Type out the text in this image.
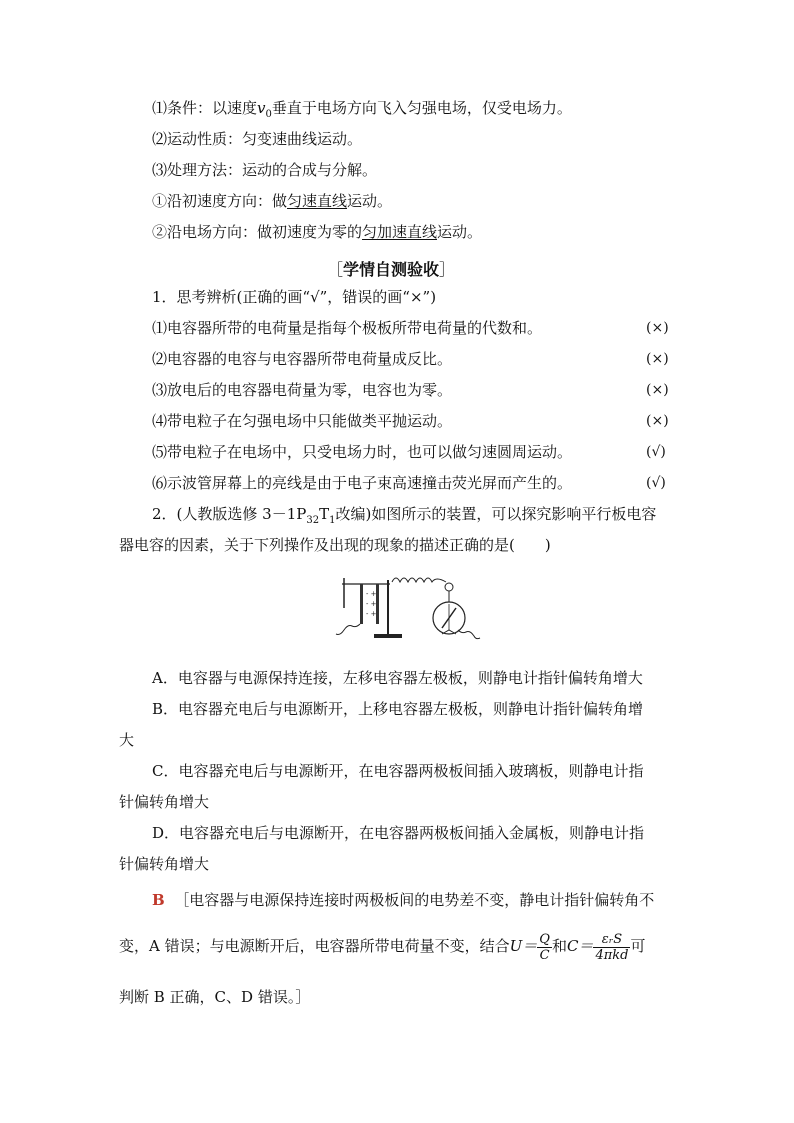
⑴条件：以速度$v_0$垂直于电场方向飞入匀强电场，仅受电场力。
⑵运动性质：匀变速曲线运动。
⑶处理方法：运动的合成与分解。
①沿初速度方向：做匀速直线运动。
②沿电场方向：做初速度为零的匀加速直线运动。
［学情自测验收］
1．思考辨析(正确的画“√”，错误的画“×”)
⑴电容器所带的电荷量是指每个极板所带电荷量的代数和。	(×)
⑵电容器的电容与电容器所带电荷量成反比。	(×)
⑶放电后的电容器电荷量为零，电容也为零。	(×)
⑷带电粒子在匀强电场中只能做类平抛运动。	(×)
⑸带电粒子在电场中，只受电场力时，也可以做匀速圆周运动。	(√)
⑹示波管屏幕上的亮线是由于电子束高速撞击荧光屏而产生的。	(√)
2．(人教版选修 $3-1P_{32}T_1$改编)如图所示的装置，可以探究影响平行板电容
器电容的因素，关于下列操作及出现的现象的描述正确的是(　　)
- +
- +
- +
A．电容器与电源保持连接，左移电容器左极板，则静电计指针偏转角增大
B．电容器充电后与电源断开，上移电容器左极板，则静电计指针偏转角增
大
C．电容器充电后与电源断开，在电容器两极板间插入玻璃板，则静电计指
针偏转角增大
D．电容器充电后与电源断开，在电容器两极板间插入金属板，则静电计指
针偏转角增大
B ［电容器与电源保持连接时两极板间的电势差不变，静电计指针偏转角不
变，A 错误；与电源断开后，电容器所带电荷量不变，结合$U= \frac{Q}{C}$ 和$C= \frac{\text{εᵣS}}{\text{4πkd}}$ 可
判断 B 正确，C、D 错误。］
